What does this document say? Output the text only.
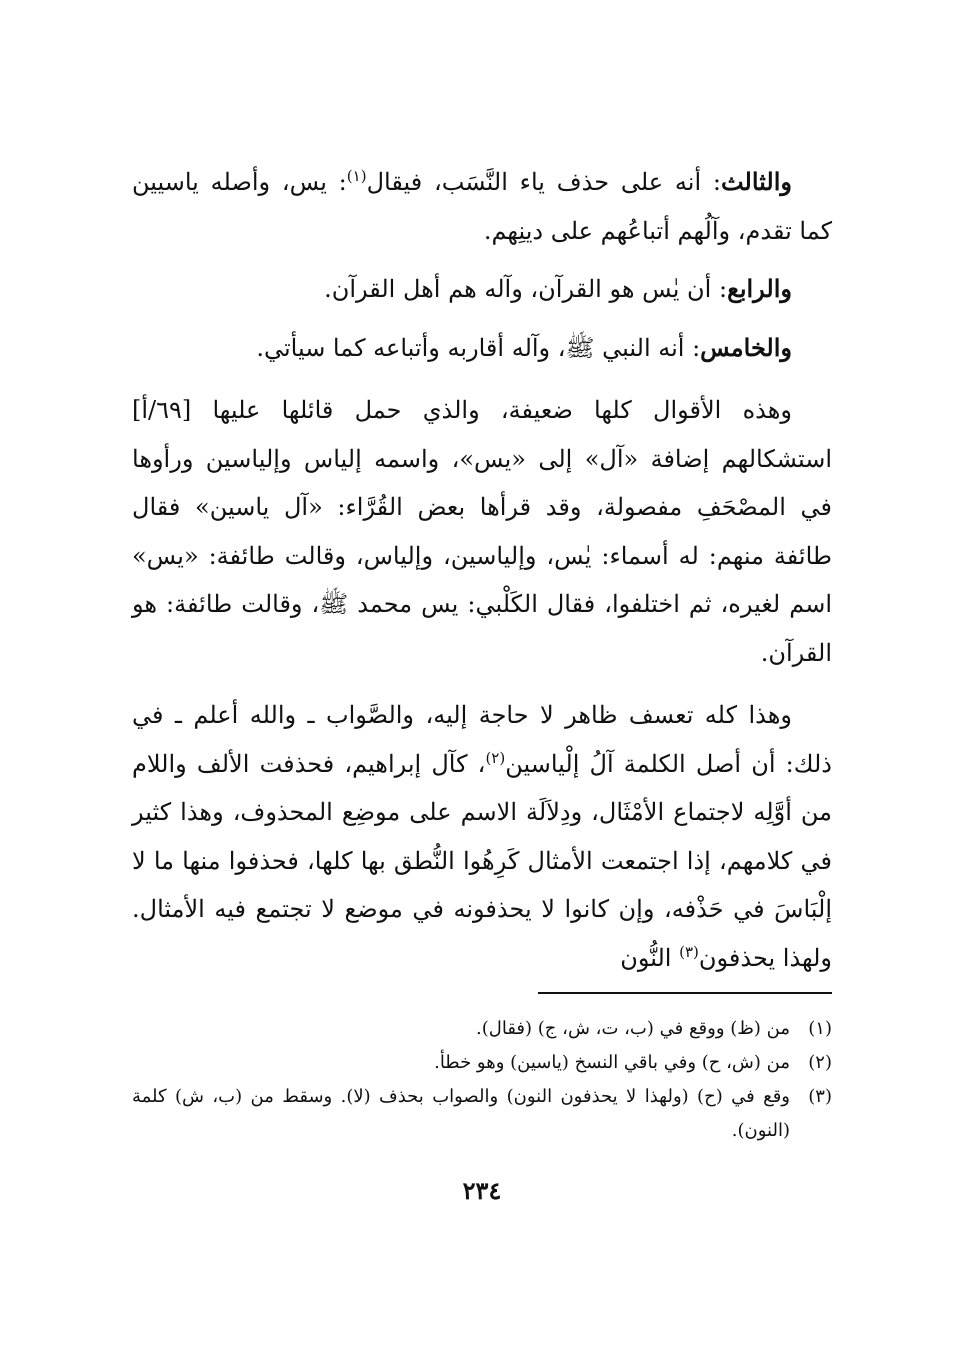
والثالث: أنه على حذف ياء النَّسَب، فيقال$^{(١)}$: يس، وأصله ياسيين كما تقدم، وآلُهم أتباعُهم على دينِهم.

والرابع: أن يٰس هو القرآن، وآله هم أهل القرآن.

والخامس: أنه النبي ﷺ، وآله أقاربه وأتباعه كما سيأتي.

وهذه الأقوال كلها ضعيفة، والذي حمل قائلها عليها [٦٩/أ] استشكالهم إضافة «آل» إلى «يس»، واسمه إلياس وإلياسين ورأوها في المصْحَفِ مفصولة، وقد قرأها بعض القُرَّاء: «آل ياسين» فقال طائفة منهم: له أسماء: يٰس، وإلياسين، وإلياس، وقالت طائفة: «يس» اسم لغيره، ثم اختلفوا، فقال الكَلْبي: يس محمد ﷺ، وقالت طائفة: هو القرآن.

وهذا كله تعسف ظاهر لا حاجة إليه، والصَّواب ـ والله أعلم ـ في ذلك: أن أصل الكلمة آلُ إلْياسين$^{(٢)}$، كآل إبراهيم، فحذفت الألف واللام من أوَّلِه لاجتماع الأمْثَال، ودِلاَلَة الاسم على موضِع المحذوف، وهذا كثير في كلامهم، إذا اجتمعت الأمثال كَرِهُوا النُّطق بها كلها، فحذفوا منها ما لا إلْبَاسَ في حَذْفه، وإن كانوا لا يحذفونه في موضع لا تجتمع فيه الأمثال. ولهذا يحذفون$^{(٣)}$ النُّون

(١)
من (ظ) ووقع في (ب، ت، ش، ج) (فقال).
(٢)
من (ش، ح) وفي باقي النسخ (ياسين) وهو خطأ.
(٣)
وقع في (ح) (ولهذا لا يحذفون النون) والصواب بحذف (لا). وسقط من (ب، ش) كلمة (النون).
٢٣٤
